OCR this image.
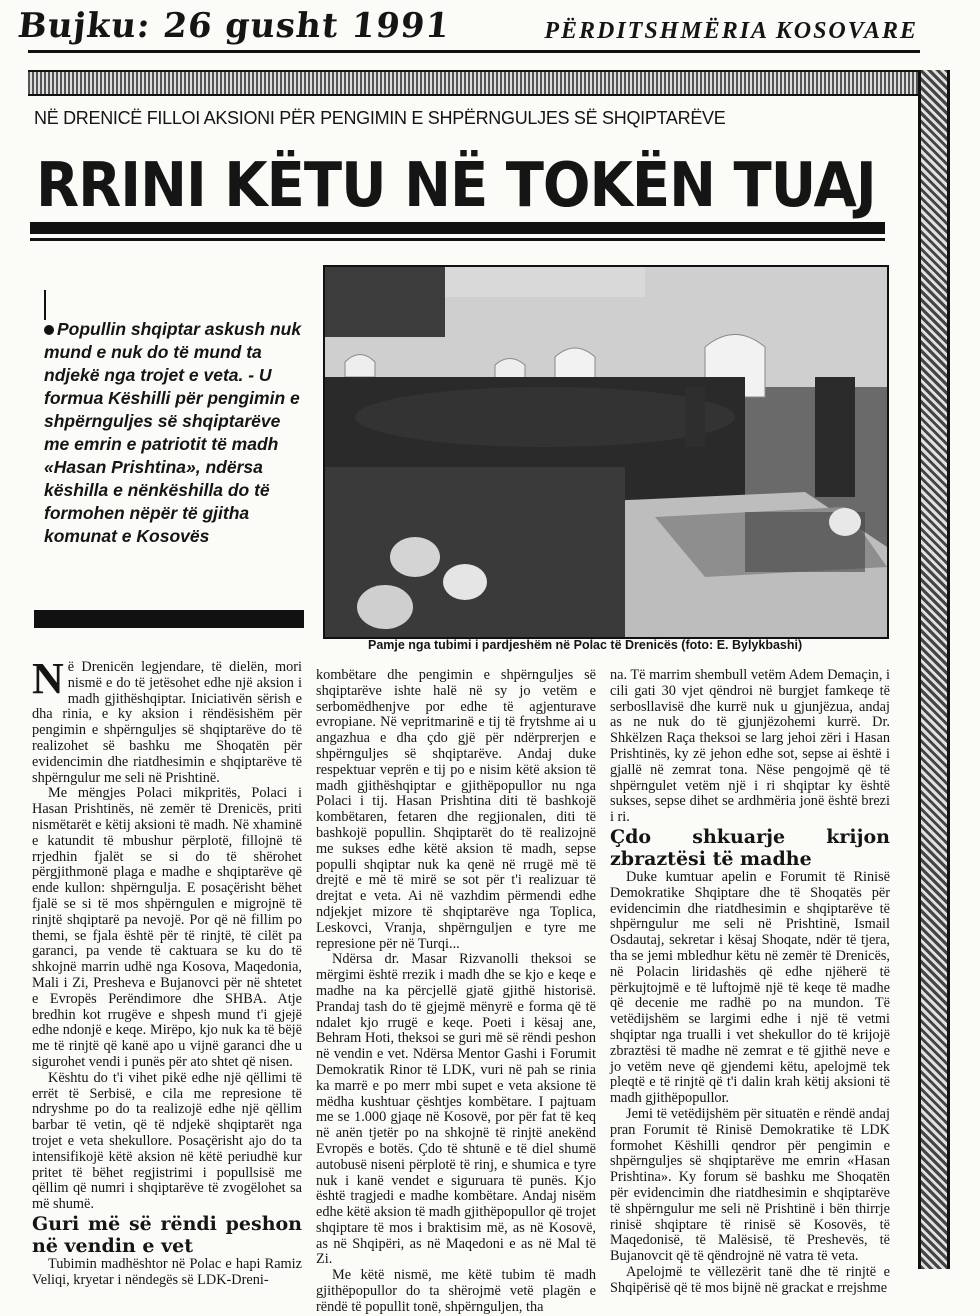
Bujku: 26 gusht 1991	PËRDITSHMËRIA KOSOVARE
NË DRENICË FILLOI AKSIONI PËR PENGIMIN E SHPËRNGULJES SË SHQIPTARËVE
RRINI KËTU NË TOKËN TUAJ
Popullin shqiptar askush nuk mund e nuk do të mund ta ndjekë nga trojet e veta. - U formua Këshilli për pengimin e shpërnguljes së shqiptarëve me emrin e patriotit të madh «Hasan Prishtina», ndërsa këshilla e nënkëshilla do të formohen nëpër të gjitha komunat e Kosovës
Pamje nga tubimi i pardjeshëm në Polac të Drenicës (foto: E. Bylykbashi)

Në Drenicën legjendare, të dielën, mori nismë e do të jetësohet edhe një aksion i madh gjithëshqiptar. Iniciativën sërish e dha rinia, e ky aksion i rëndësishëm për pengimin e shpërnguljes së shqiptarëve do të realizohet së bashku me Shoqatën për evidencimin dhe riatdhesimin e shqiptarëve të shpërngulur me seli në Prishtinë.

Me mëngjes Polaci mikpritës, Polaci i Hasan Prishtinës, në zemër të Drenicës, priti nismëtarët e këtij aksioni të madh. Në xhaminë e katundit të mbushur përplotë, fillojnë të rrjedhin fjalët se si do të shërohet përgjithmonë plaga e madhe e shqiptarëve që ende kullon: shpërngulja. E posaçërisht bëhet fjalë se si të mos shpërngulen e migrojnë të rinjtë shqiptarë pa nevojë. Por që në fillim po themi, se fjala është për të rinjtë, të cilët pa garanci, pa vende të caktuara se ku do të shkojnë marrin udhë nga Kosova, Maqedonia, Mali i Zi, Presheva e Bujanovci për në shtetet e Evropës Perëndimore dhe SHBA. Atje bredhin kot rrugëve e shpesh mund t'i gjejë edhe ndonjë e keqe. Mirëpo, kjo nuk ka të bëjë me të rinjtë që kanë apo u vijnë garanci dhe u sigurohet vendi i punës për ato shtet që nisen.

Kështu do t'i vihet pikë edhe një qëllimi të errët të Serbisë, e cila me represione të ndryshme po do ta realizojë edhe një qëllim barbar të vetin, që të ndjekë shqiptarët nga trojet e veta shekullore. Posaçërisht ajo do ta intensifikojë këtë aksion në këtë periudhë kur pritet të bëhet regjistrimi i popullsisë me qëllim që numri i shqiptarëve të zvogëlohet sa më shumë.

Guri më së rëndi peshon në vendin e vet

Tubimin madhështor në Polac e hapi Ramiz Veliqi, kryetar i nëndegës së LDK-Dreni-

kombëtare dhe pengimin e shpërnguljes së shqiptarëve ishte halë në sy jo vetëm e serbomëdhenjve por edhe të agjenturave evropiane. Në vepritmarinë e tij të frytshme ai u angazhua e dha çdo gjë për ndërprerjen e shpërnguljes së shqiptarëve. Andaj duke respektuar veprën e tij po e nisim këtë aksion të madh gjithëshqiptar e gjithëpopullor nu nga Polaci i tij. Hasan Prishtina diti të bashkojë kombëtaren, fetaren dhe regjionalen, diti të bashkojë popullin. Shqiptarët do të realizojnë me sukses edhe këtë aksion të madh, sepse populli shqiptar nuk ka qenë në rrugë më të drejtë e më të mirë se sot për t'i realizuar të drejtat e veta. Ai në vazhdim përmendi edhe ndjekjet mizore të shqiptarëve nga Toplica, Leskovci, Vranja, shpërnguljen e tyre me represione për në Turqi...

Ndërsa dr. Masar Rizvanolli theksoi se mërgimi është rrezik i madh dhe se kjo e keqe e madhe na ka përcjellë gjatë gjithë historisë. Prandaj tash do të gjejmë mënyrë e forma që të ndalet kjo rrugë e keqe. Poeti i kësaj ane, Behram Hoti, theksoi se guri më së rëndi peshon në vendin e vet. Ndërsa Mentor Gashi i Forumit Demokratik Rinor të LDK, vuri në pah se rinia ka marrë e po merr mbi supet e veta aksione të mëdha kushtuar çështjes kombëtare. I pajtuam me se 1.000 gjaqe në Kosovë, por për fat të keq në anën tjetër po na shkojnë të rinjtë anekënd Evropës e botës. Çdo të shtunë e të diel shumë autobusë niseni përplotë të rinj, e shumica e tyre nuk i kanë vendet e siguruara të punës. Kjo është tragjedi e madhe kombëtare. Andaj nisëm edhe këtë aksion të madh gjithëpopullor që trojet shqiptare të mos i braktisim më, as në Kosovë, as në Shqipëri, as në Maqedoni e as në Mal të Zi.

Me këtë nismë, me këtë tubim të madh gjithëpopullor do ta shërojmë vetë plagën e rëndë të popullit tonë, shpërnguljen, tha

na. Të marrim shembull vetëm Adem Demaçin, i cili gati 30 vjet qëndroi në burgjet famkeqe të serbosllavisë dhe kurrë nuk u gjunjëzua, andaj as ne nuk do të gjunjëzohemi kurrë. Dr. Shkëlzen Raça theksoi se larg jehoi zëri i Hasan Prishtinës, ky zë jehon edhe sot, sepse ai është i gjallë në zemrat tona. Nëse pengojmë që të shpërngulet vetëm një i ri shqiptar ky është sukses, sepse dihet se ardhmëria jonë është brezi i ri.

Çdo shkuarje krijon zbraztësi të madhe

Duke kumtuar apelin e Forumit të Rinisë Demokratike Shqiptare dhe të Shoqatës për evidencimin dhe riatdhesimin e shqiptarëve të shpërngulur me seli në Prishtinë, Ismail Osdautaj, sekretar i kësaj Shoqate, ndër të tjera, tha se jemi mbledhur këtu në zemër të Drenicës, në Polacin liridashës që edhe njëherë të përkujtojmë e të luftojmë një të keqe të madhe që decenie me radhë po na mundon. Të vetëdijshëm se largimi edhe i një të vetmi shqiptar nga trualli i vet shekullor do të krijojë zbraztësi të madhe në zemrat e të gjithë neve e jo vetëm neve që gjendemi këtu, apelojmë tek pleqtë e të rinjtë që t'i dalin krah këtij aksioni të madh gjithëpopullor.

Jemi të vetëdijshëm për situatën e rëndë andaj pran Forumit të Rinisë Demokratike të LDK formohet Këshilli qendror për pengimin e shpërnguljes së shqiptarëve me emrin «Hasan Prishtina». Ky forum së bashku me Shoqatën për evidencimin dhe riatdhesimin e shqiptarëve të shpërngulur me seli në Prishtinë i bën thirrje rinisë shqiptare të rinisë së Kosovës, të Maqedonisë, të Malësisë, të Preshevës, të Bujanovcit që të qëndrojnë në vatra të veta.

Apelojmë te vëllezërit tanë dhe të rinjtë e Shqipërisë që të mos bijnë në grackat e rrejshme
